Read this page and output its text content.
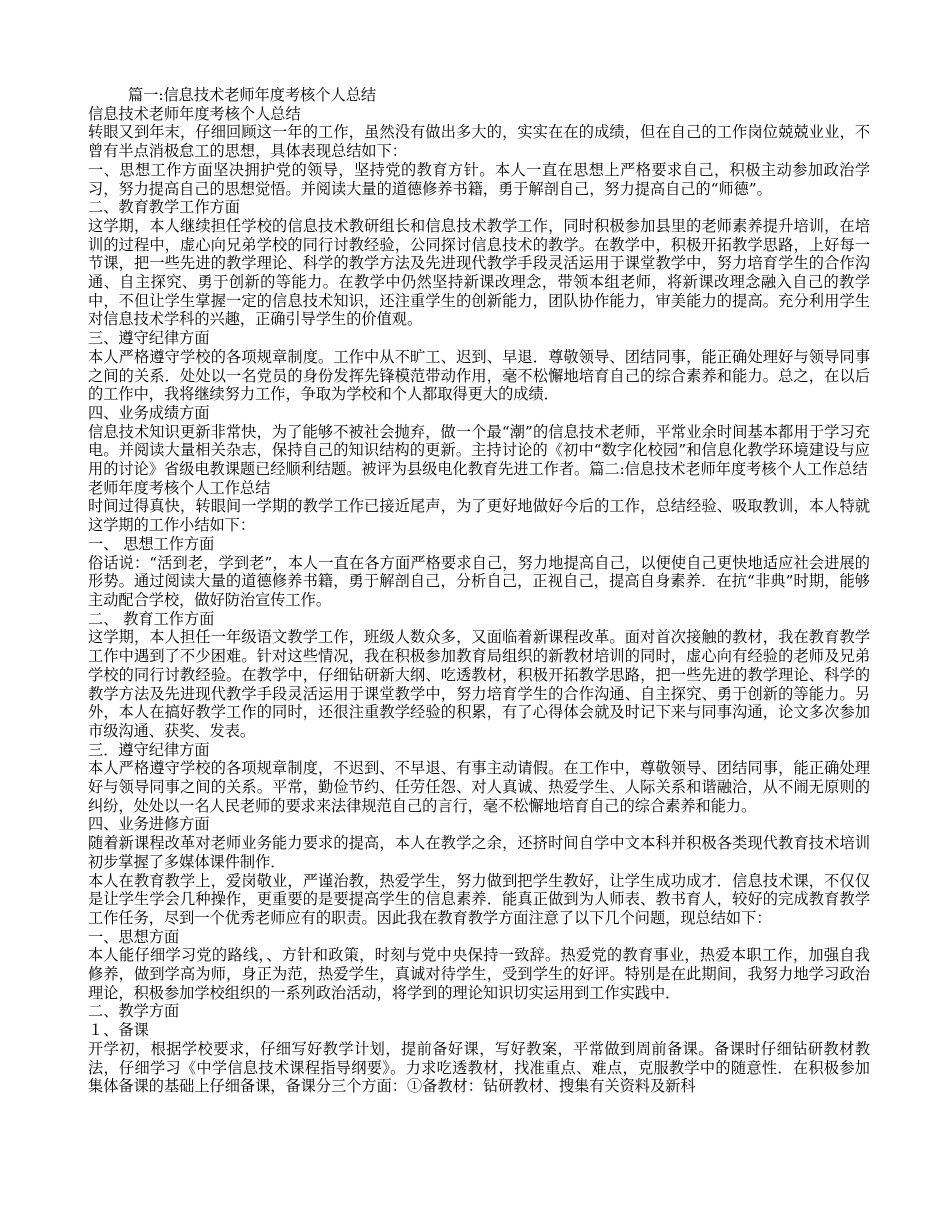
篇一:信息技术老师年度考核个人总结
信息技术老师年度考核个人总结
转眼又到年末，仔细回顾这一年的工作，虽然没有做出多大的，实实在在的成绩，但在自己的工作岗位兢兢业业，不曾有半点消极怠工的思想，具体表现总结如下：
一、思想工作方面坚决拥护党的领导，坚持党的教育方针。本人一直在思想上严格要求自己，积极主动参加政治学习，努力提高自己的思想觉悟。并阅读大量的道德修养书籍，勇于解剖自己，努力提高自己的“师德”。
二、教育教学工作方面
这学期，本人继续担任学校的信息技术教研组长和信息技术教学工作，同时积极参加县里的老师素养提升培训，在培训的过程中，虚心向兄弟学校的同行讨教经验，公同探讨信息技术的教学。在教学中，积极开拓教学思路，上好每一节课，把一些先进的教学理论、科学的教学方法及先进现代教学手段灵活运用于课堂教学中，努力培育学生的合作沟通、自主探究、勇于创新的等能力。在教学中仍然坚持新课改理念，带领本组老师，将新课改理念融入自己的教学中，不但让学生掌握一定的信息技术知识，还注重学生的创新能力，团队协作能力，审美能力的提高。充分利用学生对信息技术学科的兴趣，正确引导学生的价值观。
三、遵守纪律方面
本人严格遵守学校的各项规章制度。工作中从不旷工、迟到、早退．尊敬领导、团结同事，能正确处理好与领导同事之间的关系．处处以一名党员的身份发挥先锋模范带动作用，毫不松懈地培育自己的综合素养和能力。总之，在以后的工作中，我将继续努力工作，争取为学校和个人都取得更大的成绩．
四、业务成绩方面
信息技术知识更新非常快，为了能够不被社会抛弃，做一个最“潮”的信息技术老师，平常业余时间基本都用于学习充电。并阅读大量相关杂志，保持自己的知识结构的更新。主持讨论的《初中“数字化校园”和信息化教学环境建设与应用的讨论》省级电教课题已经顺利结题。被评为县级电化教育先进工作者。篇二:信息技术老师年度考核个人工作总结
老师年度考核个人工作总结
时间过得真快，转眼间一学期的教学工作已接近尾声，为了更好地做好今后的工作，总结经验、吸取教训，本人特就这学期的工作小结如下：
一、 思想工作方面
俗话说：“活到老，学到老”，本人一直在各方面严格要求自己，努力地提高自己，以便使自己更快地适应社会进展的形势。通过阅读大量的道德修养书籍，勇于解剖自己，分析自己，正视自己，提高自身素养．在抗“非典”时期，能够主动配合学校，做好防治宣传工作。
二、 教育工作方面
这学期，本人担任一年级语文教学工作，班级人数众多，又面临着新课程改革。面对首次接触的教材，我在教育教学工作中遇到了不少困难。针对这些情况，我在积极参加教育局组织的新教材培训的同时，虚心向有经验的老师及兄弟学校的同行讨教经验。在教学中，仔细钻研新大纲、吃透教材，积极开拓教学思路，把一些先进的教学理论、科学的教学方法及先进现代教学手段灵活运用于课堂教学中，努力培育学生的合作沟通、自主探究、勇于创新的等能力。另外，本人在搞好教学工作的同时，还很注重教学经验的积累，有了心得体会就及时记下来与同事沟通，论文多次参加市级沟通、获奖、发表。
三．遵守纪律方面
本人严格遵守学校的各项规章制度，不迟到、不早退、有事主动请假。在工作中，尊敬领导、团结同事，能正确处理好与领导同事之间的关系。平常，勤俭节约、任劳任怨、对人真诚、热爱学生、人际关系和谐融洽，从不闹无原则的纠纷，处处以一名人民老师的要求来法律规范自己的言行，毫不松懈地培育自己的综合素养和能力。
四、业务进修方面
随着新课程改革对老师业务能力要求的提高，本人在教学之余，还挤时间自学中文本科并积极各类现代教育技术培训初步掌握了多媒体课件制作．
本人在教育教学上，爱岗敬业，严谨治教，热爱学生，努力做到把学生教好，让学生成功成才．信息技术课，不仅仅是让学生学会几种操作，更重要的是要提高学生的信息素养．能真正做到为人师表、教书育人，较好的完成教育教学工作任务，尽到一个优秀老师应有的职责。因此我在教育教学方面注意了以下几个问题，现总结如下：
一、思想方面
本人能仔细学习党的路线，、方针和政策，时刻与党中央保持一致辞。热爱党的教育事业，热爱本职工作，加强自我修养，做到学高为师，身正为范，热爱学生，真诚对待学生，受到学生的好评。特别是在此期间，我努力地学习政治理论，积极参加学校组织的一系列政治活动，将学到的理论知识切实运用到工作实践中．
二、教学方面
１、备课
开学初，根据学校要求，仔细写好教学计划，提前备好课，写好教案，平常做到周前备课。备课时仔细钻研教材教法，仔细学习《中学信息技术课程指导纲要》。力求吃透教材，找准重点、难点，克服教学中的随意性．在积极参加集体备课的基础上仔细备课，备课分三个方面：①备教材：钻研教材、搜集有关资料及新科
